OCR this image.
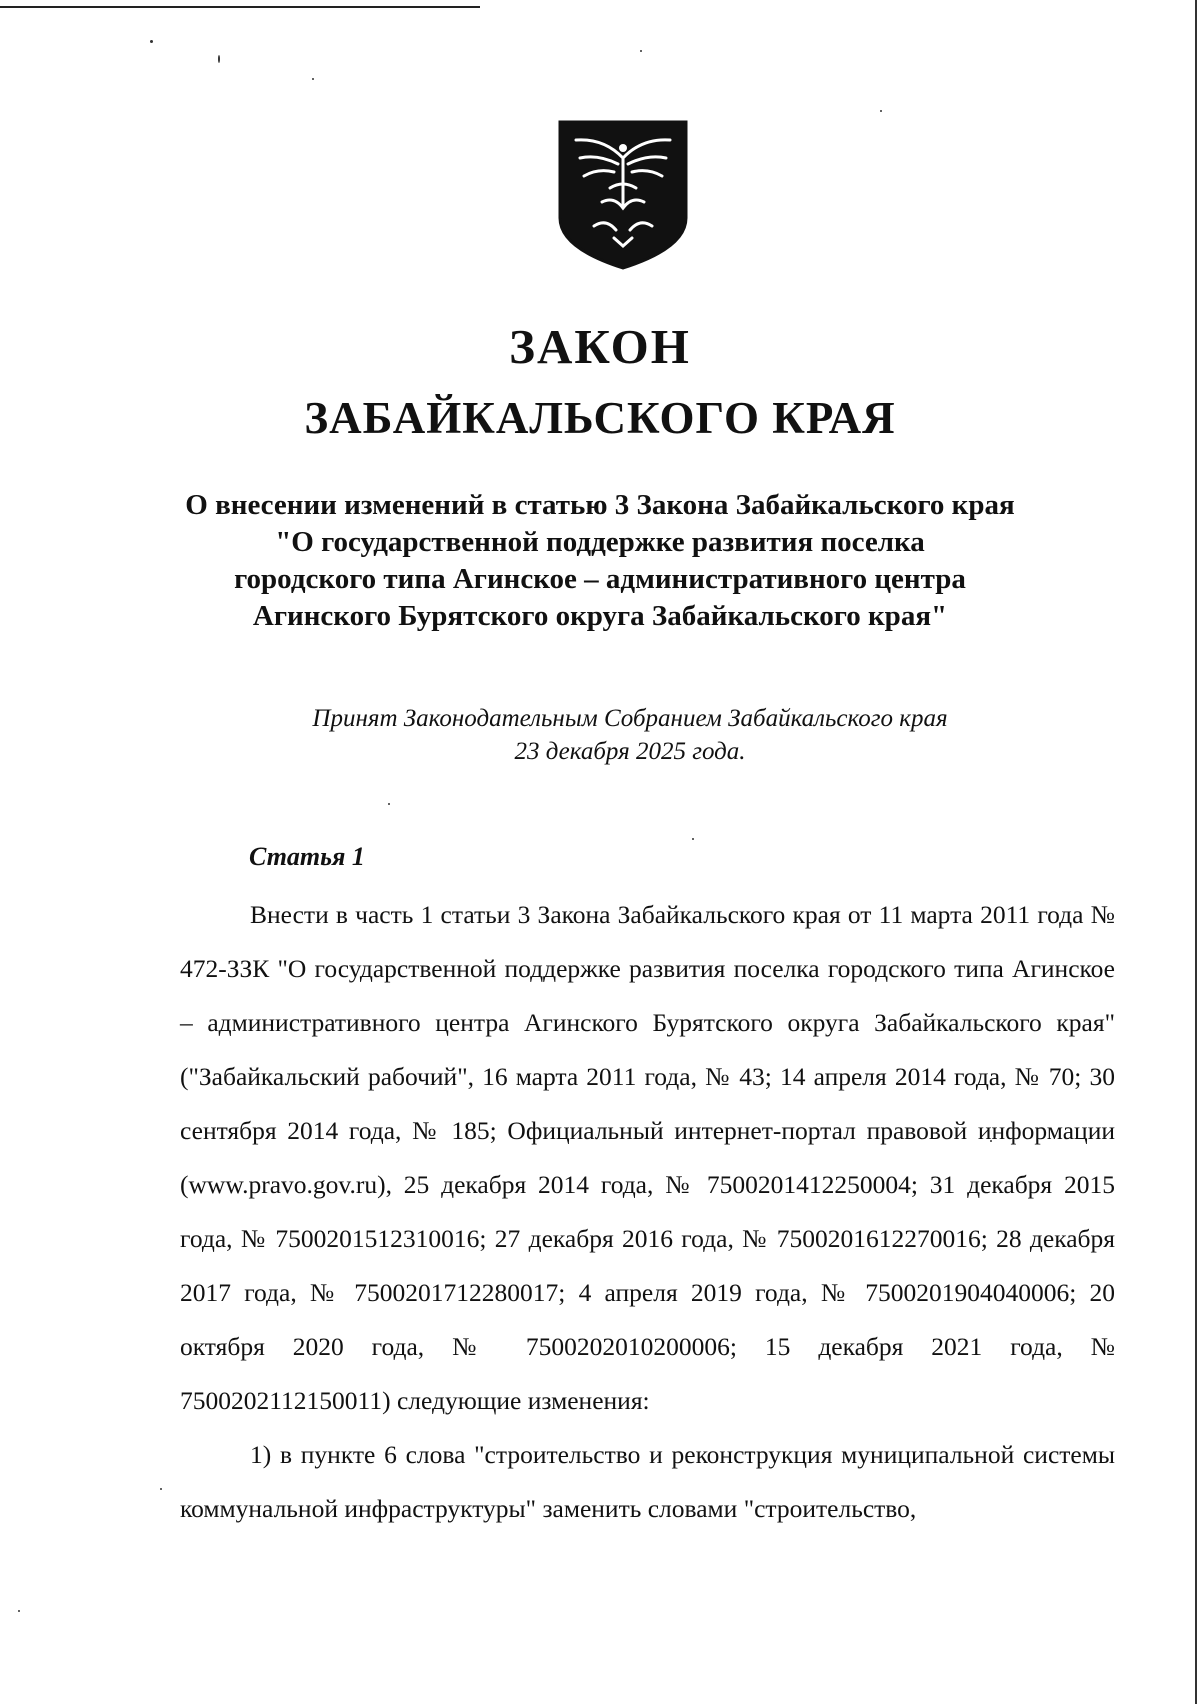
ЗАКОН
ЗАБАЙКАЛЬСКОГО КРАЯ
О внесении изменений в статью 3 Закона Забайкальского края
"О государственной поддержке развития поселка
городского типа Агинское – административного центра
Агинского Бурятского округа Забайкальского края"
Принят Законодательным Собранием Забайкальского края
23 декабря 2025 года.
Статья 1

Внести в часть 1 статьи 3 Закона Забайкальского края от 11 марта 2011 года № 472-ЗЗК "О государственной поддержке развития поселка городского типа Агинское – административного центра Агинского Бурятского округа Забайкальского края" ("Забайкальский рабочий", 16 марта 2011 года, № 43; 14 апреля 2014 года, № 70; 30 сентября 2014 года, № 185; Официальный интернет-портал правовой информации (www.pravo.gov.ru), 25 декабря 2014 года, № 7500201412250004; 31 декабря 2015 года, № 7500201512310016; 27 декабря 2016 года, № 7500201612270016; 28 декабря 2017 года, № 7500201712280017; 4 апреля 2019 года, № 7500201904040006; 20 октября 2020 года, № 7500202010200006; 15 декабря 2021 года, № 7500202112150011) следующие изменения:

1) в пункте 6 слова "строительство и реконструкция муниципальной системы коммунальной инфраструктуры" заменить словами "строительство,
